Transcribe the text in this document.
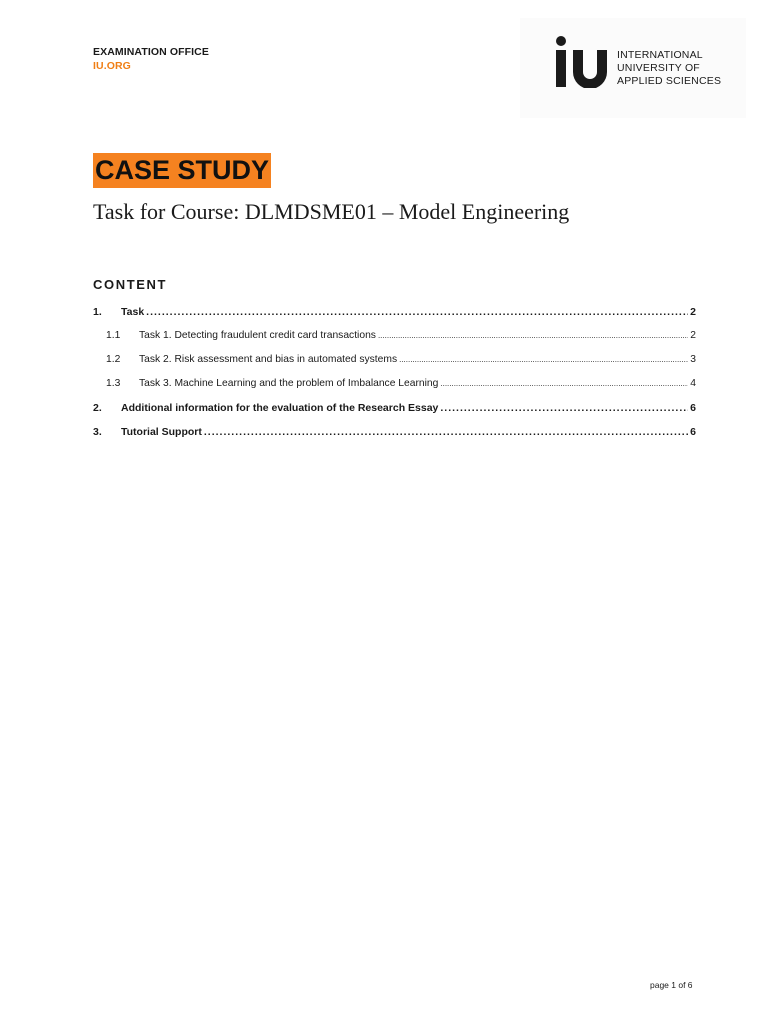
EXAMINATION OFFICE
IU.ORG
INTERNATIONAL
UNIVERSITY OF
APPLIED SCIENCES
CASE STUDY
Task for Course: DLMDSME01 – Model Engineering
CONTENT
1.	Task .....	2
1.1	Task 1. Detecting fraudulent credit card transactions .....	2
1.2	Task 2. Risk assessment and bias in automated systems .....	3
1.3	Task 3. Machine Learning and the problem of Imbalance Learning .....	4
2.	Additional information for the evaluation of the Research Essay .....	6
3.	Tutorial Support .....	6
page 1 of 6
